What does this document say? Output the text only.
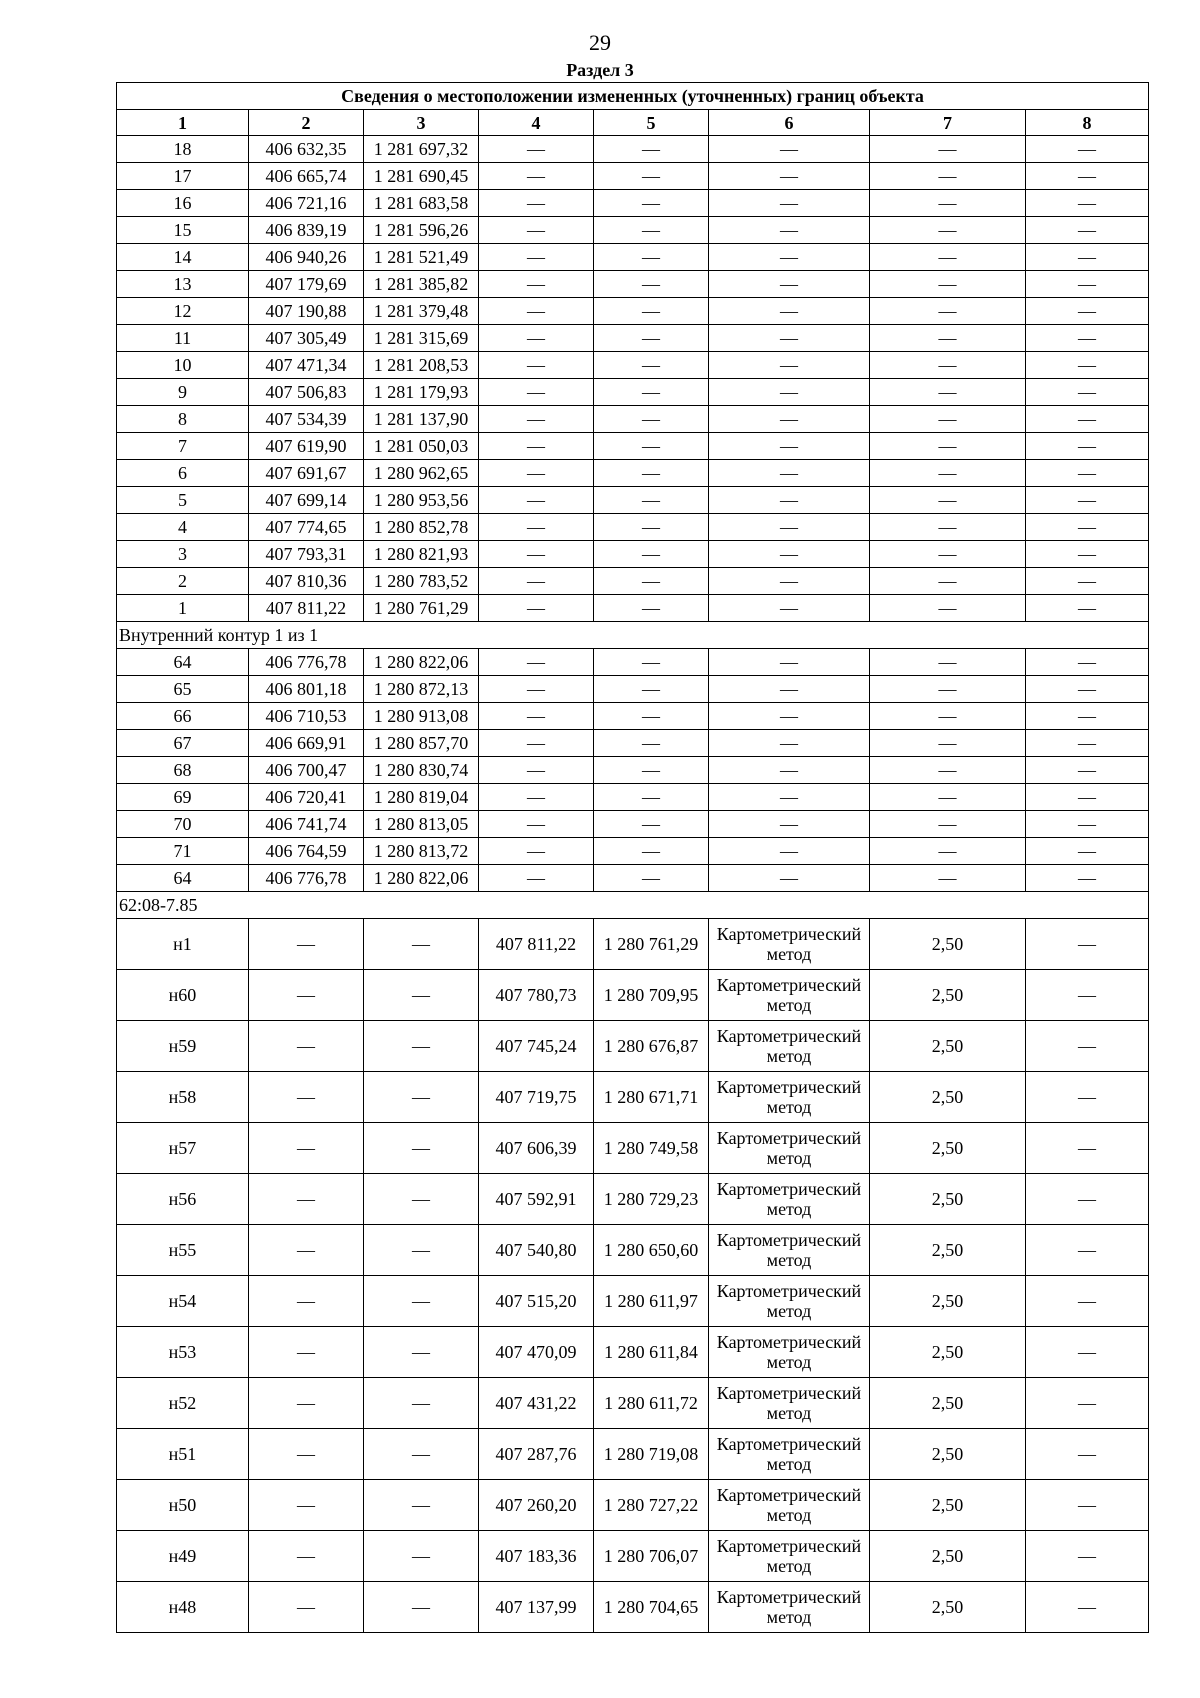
29
Раздел 3
Сведения о местоположении измененных (уточненных) границ объекта							
1	2	3	4	5	6	7	8
18	406 632,35	1 281 697,32	—	—	—	—	—
17	406 665,74	1 281 690,45	—	—	—	—	—
16	406 721,16	1 281 683,58	—	—	—	—	—
15	406 839,19	1 281 596,26	—	—	—	—	—
14	406 940,26	1 281 521,49	—	—	—	—	—
13	407 179,69	1 281 385,82	—	—	—	—	—
12	407 190,88	1 281 379,48	—	—	—	—	—
11	407 305,49	1 281 315,69	—	—	—	—	—
10	407 471,34	1 281 208,53	—	—	—	—	—
9	407 506,83	1 281 179,93	—	—	—	—	—
8	407 534,39	1 281 137,90	—	—	—	—	—
7	407 619,90	1 281 050,03	—	—	—	—	—
6	407 691,67	1 280 962,65	—	—	—	—	—
5	407 699,14	1 280 953,56	—	—	—	—	—
4	407 774,65	1 280 852,78	—	—	—	—	—
3	407 793,31	1 280 821,93	—	—	—	—	—
2	407 810,36	1 280 783,52	—	—	—	—	—
1	407 811,22	1 280 761,29	—	—	—	—	—
Внутренний контур 1 из 1							
64	406 776,78	1 280 822,06	—	—	—	—	—
65	406 801,18	1 280 872,13	—	—	—	—	—
66	406 710,53	1 280 913,08	—	—	—	—	—
67	406 669,91	1 280 857,70	—	—	—	—	—
68	406 700,47	1 280 830,74	—	—	—	—	—
69	406 720,41	1 280 819,04	—	—	—	—	—
70	406 741,74	1 280 813,05	—	—	—	—	—
71	406 764,59	1 280 813,72	—	—	—	—	—
64	406 776,78	1 280 822,06	—	—	—	—	—
62:08-7.85							
н1	—	—	407 811,22	1 280 761,29	Картометрический метод	2,50	—
н60	—	—	407 780,73	1 280 709,95	Картометрический метод	2,50	—
н59	—	—	407 745,24	1 280 676,87	Картометрический метод	2,50	—
н58	—	—	407 719,75	1 280 671,71	Картометрический метод	2,50	—
н57	—	—	407 606,39	1 280 749,58	Картометрический метод	2,50	—
н56	—	—	407 592,91	1 280 729,23	Картометрический метод	2,50	—
н55	—	—	407 540,80	1 280 650,60	Картометрический метод	2,50	—
н54	—	—	407 515,20	1 280 611,97	Картометрический метод	2,50	—
н53	—	—	407 470,09	1 280 611,84	Картометрический метод	2,50	—
н52	—	—	407 431,22	1 280 611,72	Картометрический метод	2,50	—
н51	—	—	407 287,76	1 280 719,08	Картометрический метод	2,50	—
н50	—	—	407 260,20	1 280 727,22	Картометрический метод	2,50	—
н49	—	—	407 183,36	1 280 706,07	Картометрический метод	2,50	—
н48	—	—	407 137,99	1 280 704,65	Картометрический метод	2,50	—
